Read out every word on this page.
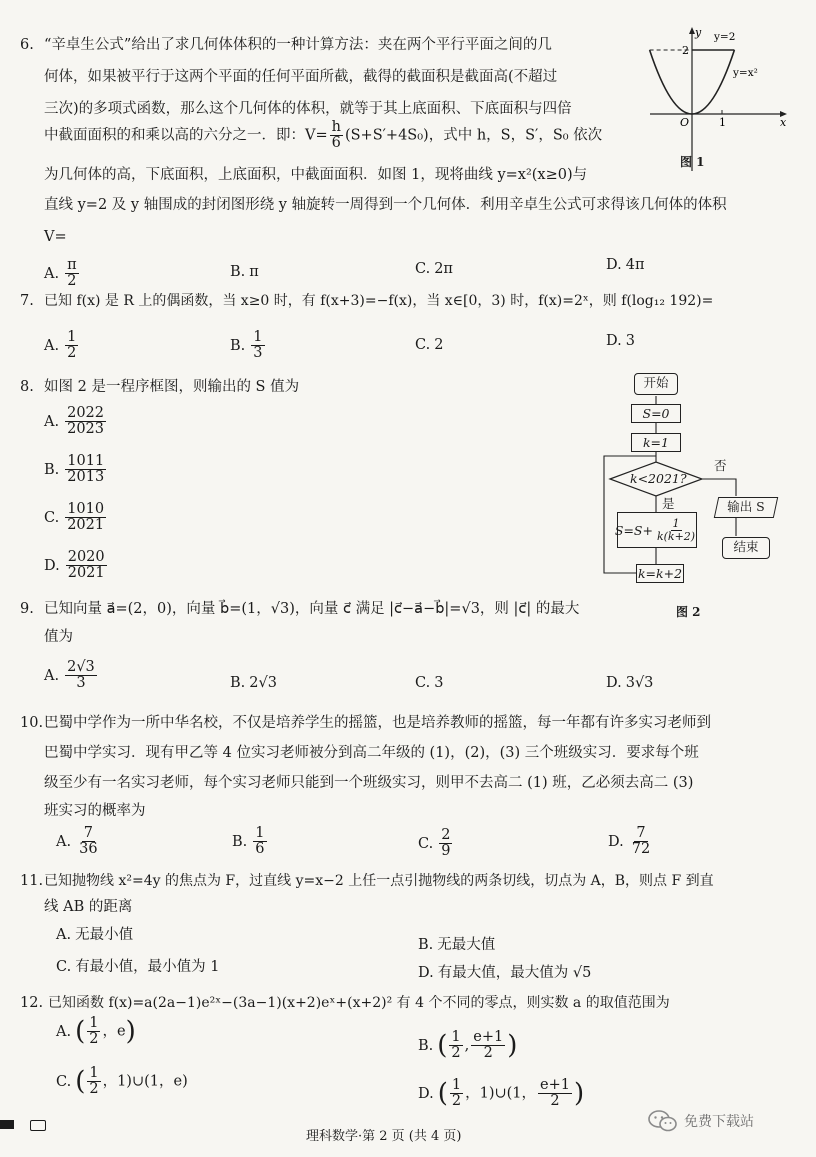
6. “辛卓生公式”给出了求几何体体积的一种计算方法：夹在两个平行平面之间的几
何体，如果被平行于这两个平面的任何平面所截，截得的截面积是截面高(不超过
三次)的多项式函数，那么这个几何体的体积，就等于其上底面积、下底面积与四倍
中截面面积的和乘以高的六分之一．即：$V= \frac{h}{6} (S+S'+4S_0)$，式中 h，S，S′，S₀ 依次
为几何体的高，下底面积，上底面积，中截面面积．如图 1，现将曲线 y=x²(x≥0)与
直线 y=2 及 y 轴围成的封闭图形绕 y 轴旋转一周得到一个几何体．利用辛卓生公式可求得该几何体的体积
V=
A. $\frac{\pi}{2}$	B. π	C. 2π	D. 4π
y
x
y=2
y=x²
2
O	1
图 1
7. 已知 f(x) 是 R 上的偶函数，当 x≥0 时，有 f(x+3)=−f(x)，当 x∈[0，3) 时，f(x)=2ˣ，则 f(log₁₂ 192)=
A. $\frac{1}{2}$	B. $\frac{1}{3}$	C. 2	D. 3
8. 如图 2 是一程序框图，则输出的 S 值为
A. $\frac{2022}{2023}$
B. $\frac{1011}{2013}$
C. $\frac{1010}{2021}$
D. $\frac{2020}{2021}$
开始
S=0
k=1
k<2021?
否
是
$S=S+ \frac{1}{k(k+2)}$
k=k+2
输出 S
结束
图 2
9. 已知向量 a⃗=(2，0)，向量 b⃗=(1，√3)，向量 c⃗ 满足 |c⃗−a⃗−b⃗|=√3，则 |c⃗| 的最大
值为
A. $\frac{2√3}{3}$	B. 2√3	C. 3	D. 3√3
10. 巴蜀中学作为一所中华名校，不仅是培养学生的摇篮，也是培养教师的摇篮，每一年都有许多实习老师到
巴蜀中学实习．现有甲乙等 4 位实习老师被分到高二年级的 (1)，(2)，(3) 三个班级实习．要求每个班
级至少有一名实习老师，每个实习老师只能到一个班级实习，则甲不去高二 (1) 班，乙必须去高二 (3)
班实习的概率为
A. $\frac{7}{36}$	B. $\frac{1}{6}$	C. $\frac{2}{9}$	D. $\frac{7}{72}$
11. 已知抛物线 x²=4y 的焦点为 F，过直线 y=x−2 上任一点引抛物线的两条切线，切点为 A，B，则点 F 到直
线 AB 的距离
A. 无最小值
B. 无最大值
C. 有最小值，最小值为 1	D. 有最大值，最大值为 √5
12. 已知函数 f(x)=a(2a−1)e²ˣ−(3a−1)(x+2)eˣ+(x+2)² 有 4 个不同的零点，则实数 a 的取值范围为
A. ( $\frac{1}{2}$ ，e)	B. ( $\frac{1}{2}$ , $\frac{e+1}{2}$ )
C. ( $\frac{1}{2}$ ，1)∪(1，e)
D. ( $\frac{1}{2}$ ，1)∪(1， $\frac{e+1}{2}$ )
理科数学·第 2 页 (共 4 页)
免费下载站
